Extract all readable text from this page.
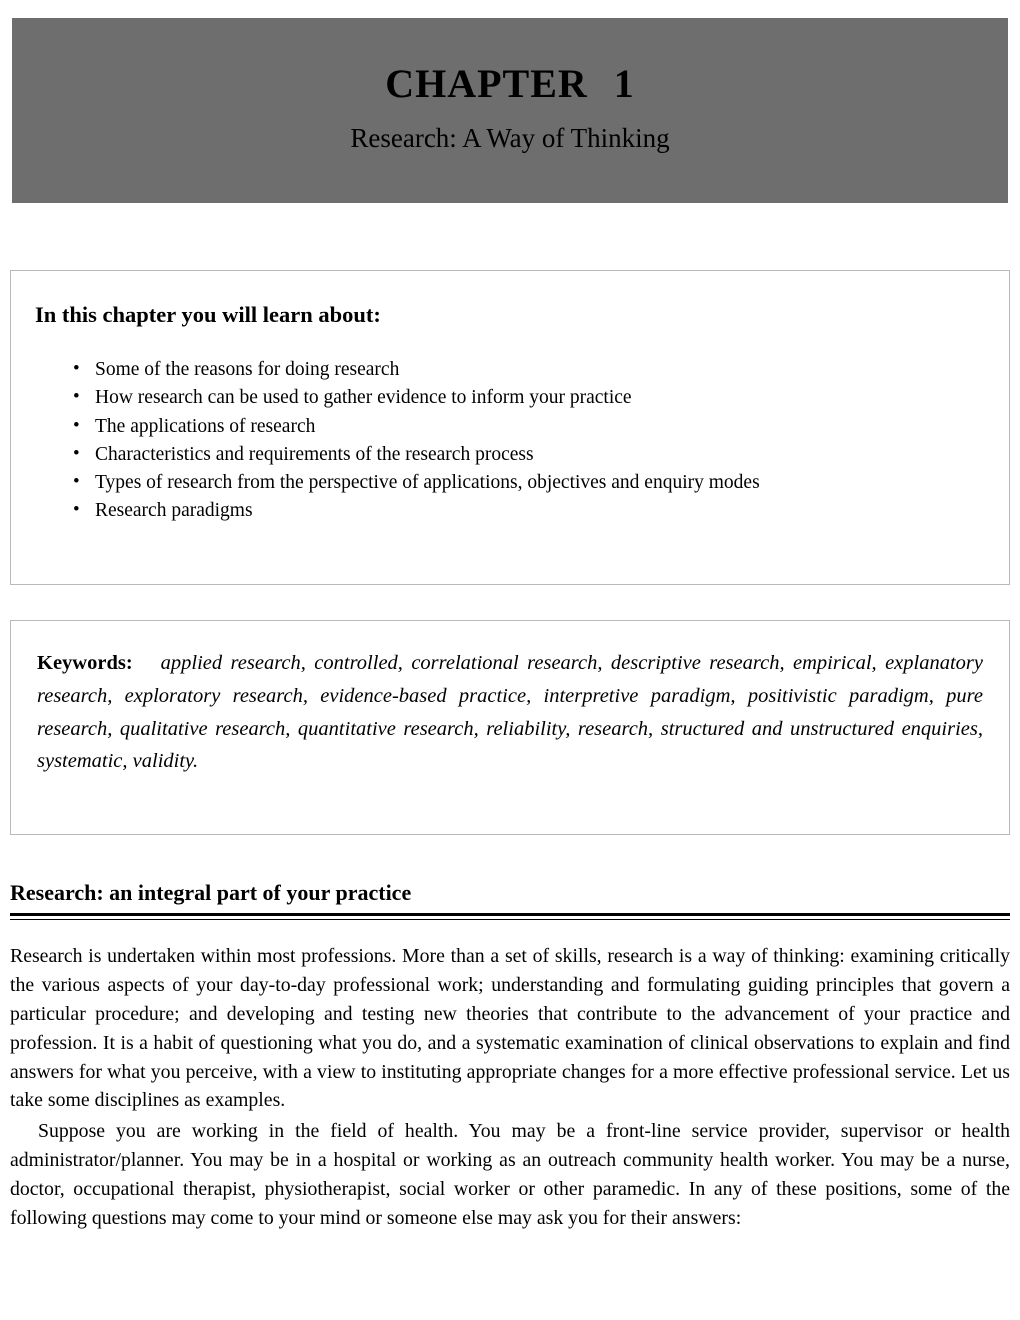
CHAPTER 1
Research: A Way of Thinking
In this chapter you will learn about:
• Some of the reasons for doing research
• How research can be used to gather evidence to inform your practice
• The applications of research
• Characteristics and requirements of the research process
• Types of research from the perspective of applications, objectives and enquiry modes
• Research paradigms
Keywords: applied research, controlled, correlational research, descriptive research, empirical, explanatory research, exploratory research, evidence-based practice, interpretive paradigm, positivistic paradigm, pure research, qualitative research, quantitative research, reliability, research, structured and unstructured enquiries, systematic, validity.
Research: an integral part of your practice

Research is undertaken within most professions. More than a set of skills, research is a way of thinking: examining critically the various aspects of your day-to-day professional work; understanding and formulating guiding principles that govern a particular procedure; and developing and testing new theories that contribute to the advancement of your practice and profession. It is a habit of questioning what you do, and a systematic examination of clinical observations to explain and find answers for what you perceive, with a view to instituting appropriate changes for a more effective professional service. Let us take some disciplines as examples.

Suppose you are working in the field of health. You may be a front-line service provider, supervisor or health administrator/planner. You may be in a hospital or working as an outreach community health worker. You may be a nurse, doctor, occupational therapist, physiotherapist, social worker or other paramedic. In any of these positions, some of the following questions may come to your mind or someone else may ask you for their answers:
